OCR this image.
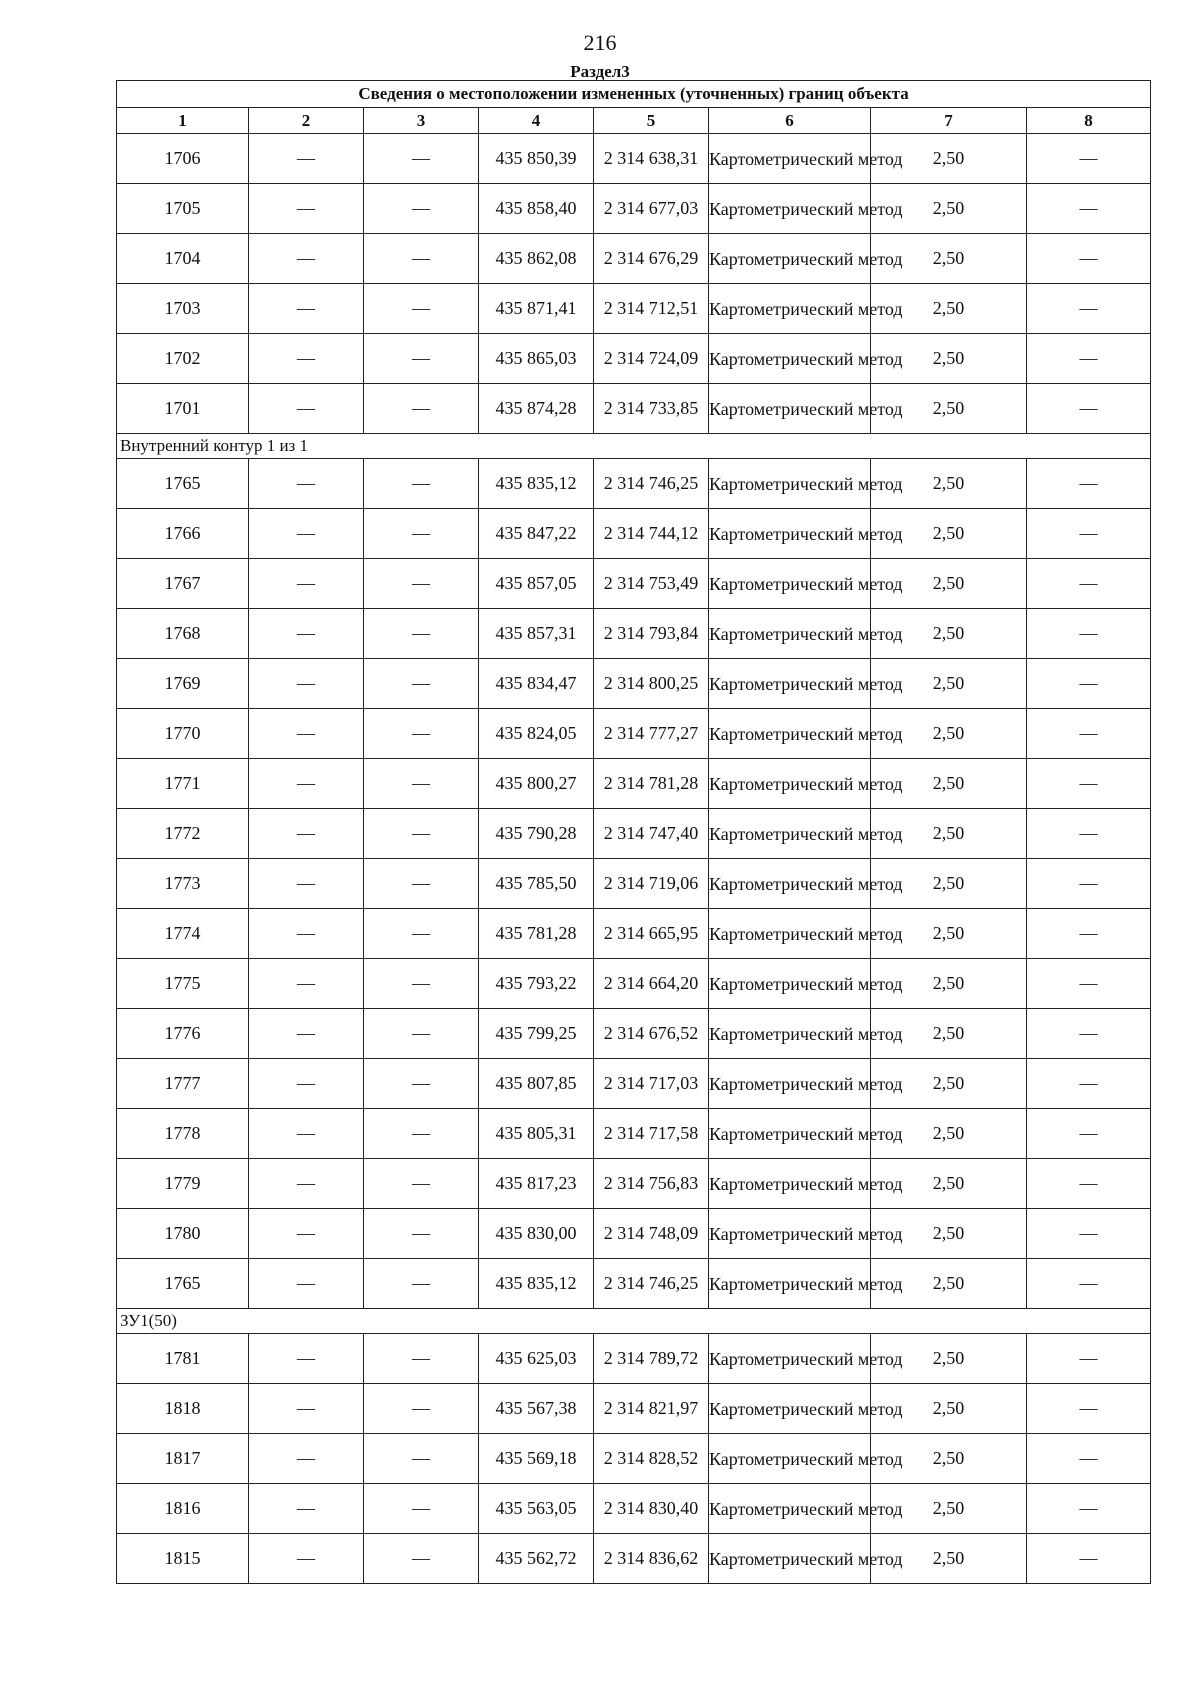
216
Раздел3
Сведения о местоположении измененных (уточненных) границ объекта							
1	2	3	4	5	6	7	8
1706	—	—	435 850,39	2 314 638,31	Картометрический метод	2,50	—
1705	—	—	435 858,40	2 314 677,03	Картометрический метод	2,50	—
1704	—	—	435 862,08	2 314 676,29	Картометрический метод	2,50	—
1703	—	—	435 871,41	2 314 712,51	Картометрический метод	2,50	—
1702	—	—	435 865,03	2 314 724,09	Картометрический метод	2,50	—
1701	—	—	435 874,28	2 314 733,85	Картометрический метод	2,50	—
Внутренний контур 1 из 1							
1765	—	—	435 835,12	2 314 746,25	Картометрический метод	2,50	—
1766	—	—	435 847,22	2 314 744,12	Картометрический метод	2,50	—
1767	—	—	435 857,05	2 314 753,49	Картометрический метод	2,50	—
1768	—	—	435 857,31	2 314 793,84	Картометрический метод	2,50	—
1769	—	—	435 834,47	2 314 800,25	Картометрический метод	2,50	—
1770	—	—	435 824,05	2 314 777,27	Картометрический метод	2,50	—
1771	—	—	435 800,27	2 314 781,28	Картометрический метод	2,50	—
1772	—	—	435 790,28	2 314 747,40	Картометрический метод	2,50	—
1773	—	—	435 785,50	2 314 719,06	Картометрический метод	2,50	—
1774	—	—	435 781,28	2 314 665,95	Картометрический метод	2,50	—
1775	—	—	435 793,22	2 314 664,20	Картометрический метод	2,50	—
1776	—	—	435 799,25	2 314 676,52	Картометрический метод	2,50	—
1777	—	—	435 807,85	2 314 717,03	Картометрический метод	2,50	—
1778	—	—	435 805,31	2 314 717,58	Картометрический метод	2,50	—
1779	—	—	435 817,23	2 314 756,83	Картометрический метод	2,50	—
1780	—	—	435 830,00	2 314 748,09	Картометрический метод	2,50	—
1765	—	—	435 835,12	2 314 746,25	Картометрический метод	2,50	—
ЗУ1(50)							
1781	—	—	435 625,03	2 314 789,72	Картометрический метод	2,50	—
1818	—	—	435 567,38	2 314 821,97	Картометрический метод	2,50	—
1817	—	—	435 569,18	2 314 828,52	Картометрический метод	2,50	—
1816	—	—	435 563,05	2 314 830,40	Картометрический метод	2,50	—
1815	—	—	435 562,72	2 314 836,62	Картометрический метод	2,50	—
